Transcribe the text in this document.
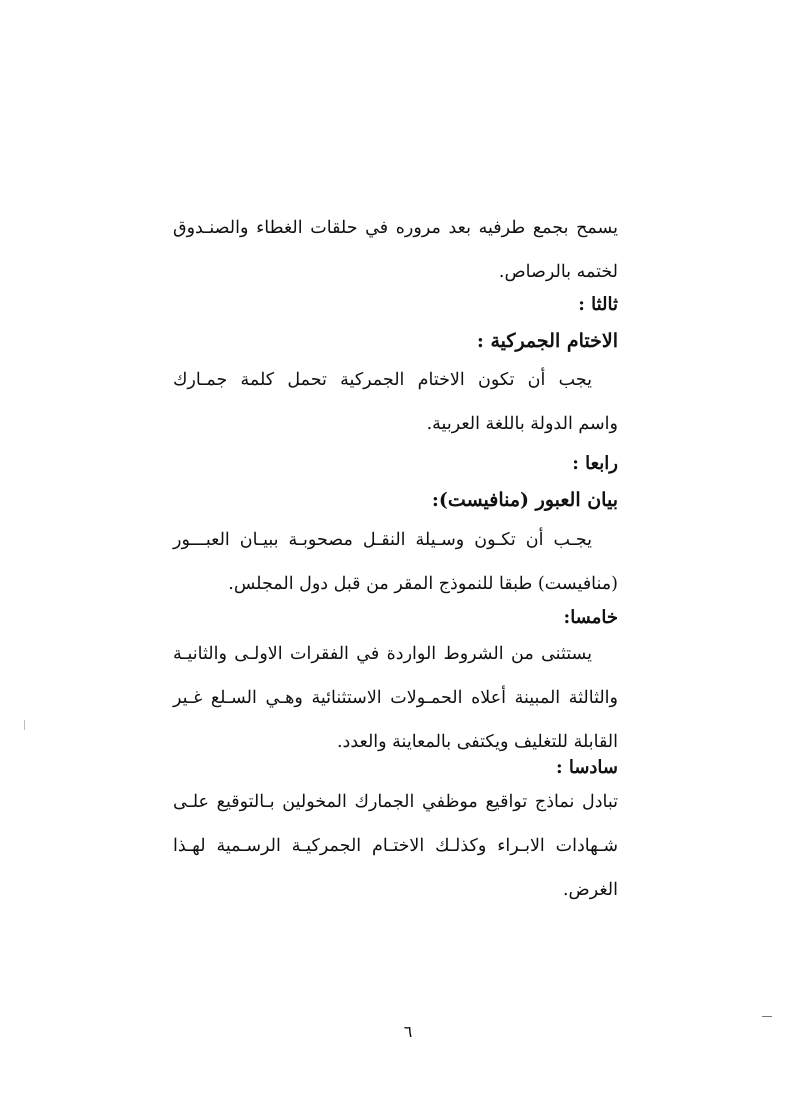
يسمح بجمع طرفيه بعد مروره في حلقات الغطاء والصنـدوق
لختمه بالرصاص.

ثالثا :

الاختام الجمركية :

يجب أن تكون الاختام الجمركية تحمل كلمة جمـارك
واسم الدولة باللغة العربية.

رابعا :

بيان العبور (منافيست):

يجـب أن تكـون وسـيلة النقـل مصحوبـة ببيـان العبـــور
(منافيست) طبقا للنموذج المقر من قبل دول المجلس.

خامسا:

يستثنى من الشروط الواردة في الفقرات الاولـى والثانيـة
والثالثة المبينة أعلاه الحمـولات الاستثنائية وهـي السـلع غـير
القابلة للتغليف ويكتفى بالمعاينة والعدد.

سادسا :

تبادل نماذج تواقيع موظفي الجمارك المخولين بـالتوقيع علـى
شـهادات الابـراء وكذلـك الاختـام الجمركيـة الرسـمية لهـذا
الغرض.

٦
